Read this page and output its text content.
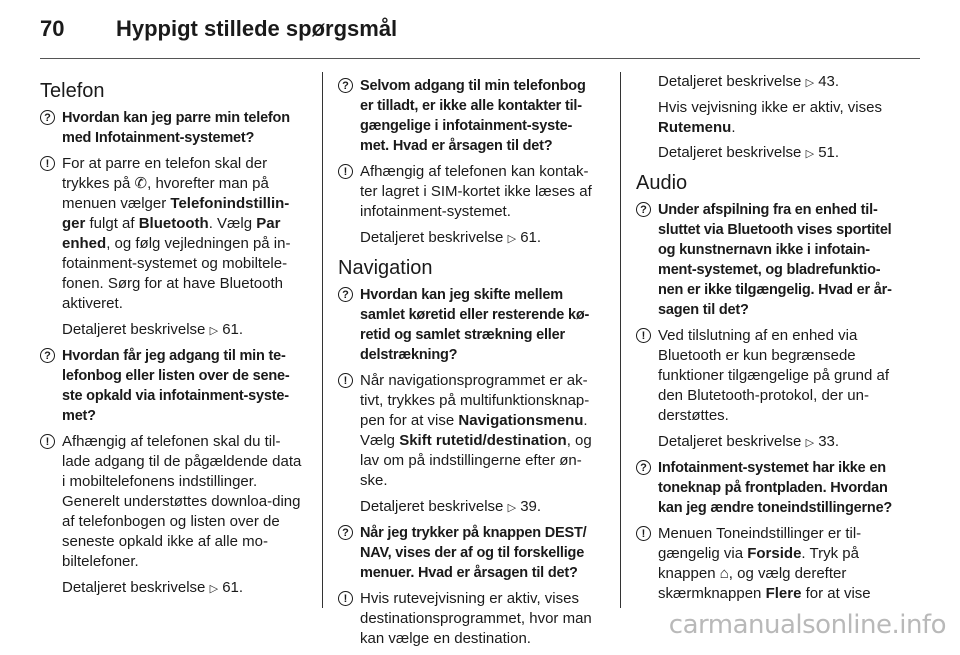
70 Hyppigt stillede spørgsmål
Telefon
? Hvordan kan jeg parre min telefon med Infotainment-systemet?
! For at parre en telefon skal der trykkes på ✆, hvorefter man på menuen vælger Telefonindstillin-ger fulgt af Bluetooth. Vælg Par enhed, og følg vejledningen på in-fotainment-systemet og mobiltele-fonen. Sørg for at have Bluetooth aktiveret.
Detaljeret beskrivelse ▷ 61.
? Hvordan får jeg adgang til min te-lefonbog eller listen over de sene-ste opkald via infotainment-syste-met?
! Afhængig af telefonen skal du til-lade adgang til de pågældende data i mobiltelefonens indstillinger. Generelt understøttes downloa-ding af telefonbogen og listen over de seneste opkald ikke af alle mo-biltelefoner.
Detaljeret beskrivelse ▷ 61.
? Selvom adgang til min telefonbog er tilladt, er ikke alle kontakter til-gængelige i infotainment-syste-met. Hvad er årsagen til det?
! Afhængig af telefonen kan kontak-ter lagret i SIM-kortet ikke læses af infotainment-systemet.
Detaljeret beskrivelse ▷ 61.
Navigation
? Hvordan kan jeg skifte mellem samlet køretid eller resterende kø-retid og samlet strækning eller delstrækning?
! Når navigationsprogrammet er ak-tivt, trykkes på multifunktionsknap-pen for at vise Navigationsmenu. Vælg Skift rutetid/destination, og lav om på indstillingerne efter øn-ske.
Detaljeret beskrivelse ▷ 39.
? Når jeg trykker på knappen DEST/ NAV, vises der af og til forskellige menuer. Hvad er årsagen til det?
! Hvis rutevejvisning er aktiv, vises destinationsprogrammet, hvor man kan vælge en destination.
Detaljeret beskrivelse ▷ 43.
Hvis vejvisning ikke er aktiv, vises Rutemenu.
Detaljeret beskrivelse ▷ 51.
Audio
? Under afspilning fra en enhed til-sluttet via Bluetooth vises sportitel og kunstnernavn ikke i infotain-ment-systemet, og bladrefunktio-nen er ikke tilgængelig. Hvad er år-sagen til det?
! Ved tilslutning af en enhed via Bluetooth er kun begrænsede funktioner tilgængelige på grund af den Blutetooth-protokol, der un-derstøttes.
Detaljeret beskrivelse ▷ 33.
? Infotainment-systemet har ikke en toneknap på frontpladen. Hvordan kan jeg ændre toneindstillingerne?
! Menuen Toneindstillinger er til-gængelig via Forside. Tryk på knappen ⌂, og vælg derefter skærmknappen Flere for at vise
carmanualsonline.info
